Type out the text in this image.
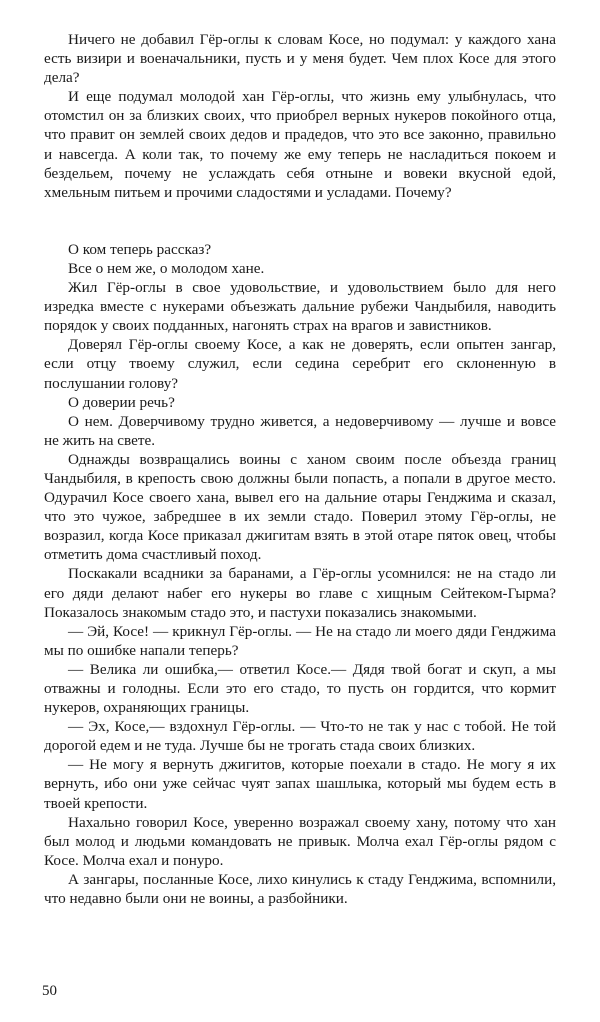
Ничего не добавил Гёр-оглы к словам Косе, но подумал: у каждого хана есть визири и военачальники, пусть и у меня будет. Чем плох Косе для этого дела?

И еще подумал молодой хан Гёр-оглы, что жизнь ему улыбнулась, что отомстил он за близких своих, что приобрел верных нукеров покойного отца, что правит он землей своих дедов и прадедов, что это все законно, правильно и навсегда. А коли так, то почему же ему теперь не насладиться покоем и бездельем, почему не услаждать себя отныне и вовеки вкусной едой, хмельным питьем и прочими сладостями и усладами. Почему?

О ком теперь рассказ?

Все о нем же, о молодом хане.

Жил Гёр-оглы в свое удовольствие, и удовольствием было для него изредка вместе с нукерами объезжать дальние рубежи Чандыбиля, наводить порядок у своих подданных, нагонять страх на врагов и завистников.

Доверял Гёр-оглы своему Косе, а как не доверять, если опытен зангар, если отцу твоему служил, если седина серебрит его склоненную в послушании голову?

О доверии речь?

О нем. Доверчивому трудно живется, а недоверчивому — лучше и вовсе не жить на свете.

Однажды возвращались воины с ханом своим после объезда границ Чандыбиля, в крепость свою должны были попасть, а попали в другое место. Одурачил Косе своего хана, вывел его на дальние отары Генджима и сказал, что это чужое, забредшее в их земли стадо. Поверил этому Гёр-оглы, не возразил, когда Косе приказал джигитам взять в этой отаре пяток овец, чтобы отметить дома счастливый поход.

Поскакали всадники за баранами, а Гёр-оглы усомнился: не на стадо ли его дяди делают набег его нукеры во главе с хищным Сейтеком-Гырма? Показалось знакомым стадо это, и пастухи показались знакомыми.

— Эй, Косе! — крикнул Гёр-оглы. — Не на стадо ли моего дяди Генджима мы по ошибке напали теперь?

— Велика ли ошибка,— ответил Косе.— Дядя твой богат и скуп, а мы отважны и голодны. Если это его стадо, то пусть он гордится, что кормит нукеров, охраняющих границы.

— Эх, Косе,— вздохнул Гёр-оглы. — Что-то не так у нас с тобой. Не той дорогой едем и не туда. Лучше бы не трогать стада своих близких.

— Не могу я вернуть джигитов, которые поехали в стадо. Не могу я их вернуть, ибо они уже сейчас чуят запах шашлыка, который мы будем есть в твоей крепости.

Нахально говорил Косе, уверенно возражал своему хану, потому что хан был молод и людьми командовать не привык. Молча ехал Гёр-оглы рядом с Косе. Молча ехал и понуро.

А зангары, посланные Косе, лихо кинулись к стаду Генджима, вспомнили, что недавно были они не воины, а разбойники.

50
